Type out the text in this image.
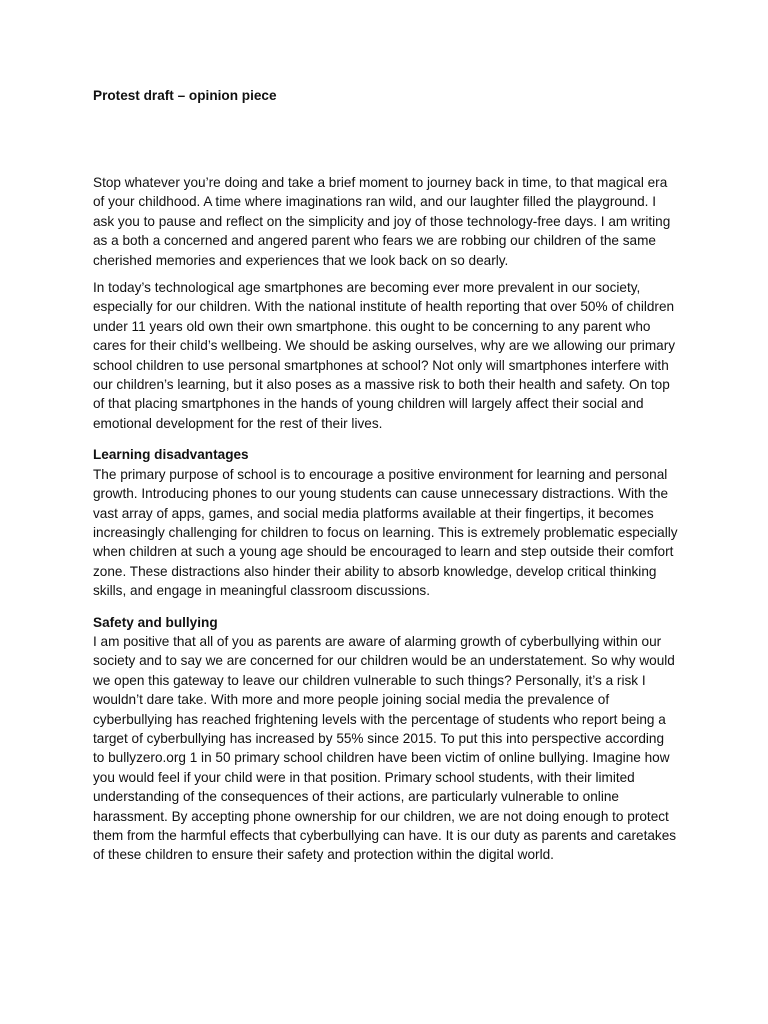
Protest draft – opinion piece

Stop whatever you’re doing and take a brief moment to journey back in time, to that magical era of your childhood. A time where imaginations ran wild, and our laughter filled the playground. I ask you to pause and reflect on the simplicity and joy of those technology-free days. I am writing as a both a concerned and angered parent who fears we are robbing our children of the same cherished memories and experiences that we look back on so dearly.

In today’s technological age smartphones are becoming ever more prevalent in our society, especially for our children. With the national institute of health reporting that over 50% of children under 11 years old own their own smartphone. this ought to be concerning to any parent who cares for their child’s wellbeing. We should be asking ourselves, why are we allowing our primary school children to use personal smartphones at school? Not only will smartphones interfere with our children’s learning, but it also poses as a massive risk to both their health and safety. On top of that placing smartphones in the hands of young children will largely affect their social and emotional development for the rest of their lives.

Learning disadvantages

The primary purpose of school is to encourage a positive environment for learning and personal growth. Introducing phones to our young students can cause unnecessary distractions. With the vast array of apps, games, and social media platforms available at their fingertips, it becomes increasingly challenging for children to focus on learning. This is extremely problematic especially when children at such a young age should be encouraged to learn and step outside their comfort zone. These distractions also hinder their ability to absorb knowledge, develop critical thinking skills, and engage in meaningful classroom discussions.

Safety and bullying

I am positive that all of you as parents are aware of alarming growth of cyberbullying within our society and to say we are concerned for our children would be an understatement. So why would we open this gateway to leave our children vulnerable to such things? Personally, it’s a risk I wouldn’t dare take. With more and more people joining social media the prevalence of cyberbullying has reached frightening levels with the percentage of students who report being a target of cyberbullying has increased by 55% since 2015. To put this into perspective according to bullyzero.org 1 in 50 primary school children have been victim of online bullying. Imagine how you would feel if your child were in that position. Primary school students, with their limited understanding of the consequences of their actions, are particularly vulnerable to online harassment. By accepting phone ownership for our children, we are not doing enough to protect them from the harmful effects that cyberbullying can have. It is our duty as parents and caretakes of these children to ensure their safety and protection within the digital world.
